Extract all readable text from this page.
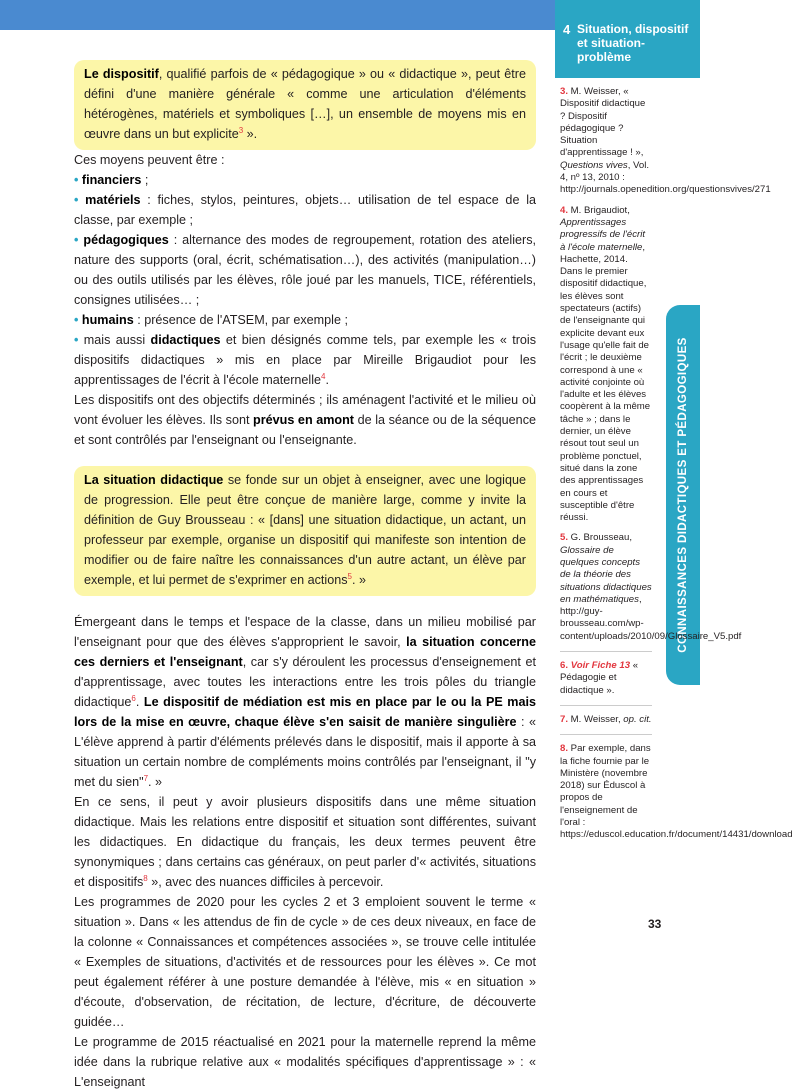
4 Situation, dispositif et situation-problème
CONNAISSANCES DIDACTIQUES ET PÉDAGOGIQUES

Le dispositif, qualifié parfois de « pédagogique » ou « didactique », peut être défini d'une manière générale « comme une articulation d'éléments hétérogènes, matériels et symboliques […], un ensemble de moyens mis en œuvre dans un but explicite$^3$ ».

Ces moyens peuvent être :

• financiers ;

• matériels : fiches, stylos, peintures, objets… utilisation de tel espace de la classe, par exemple ;

• pédagogiques : alternance des modes de regroupement, rotation des ateliers, nature des supports (oral, écrit, schématisation…), des activités (manipulation…) ou des outils utilisés par les élèves, rôle joué par les manuels, TICE, référentiels, consignes utilisées… ;

• humains : présence de l'ATSEM, par exemple ;

• mais aussi didactiques et bien désignés comme tels, par exemple les « trois dispositifs didactiques » mis en place par Mireille Brigaudiot pour les apprentissages de l'écrit à l'école maternelle$^4$.

Les dispositifs ont des objectifs déterminés ; ils aménagent l'activité et le milieu où vont évoluer les élèves. Ils sont prévus en amont de la séance ou de la séquence et sont contrôlés par l'enseignant ou l'enseignante.

La situation didactique se fonde sur un objet à enseigner, avec une logique de progression. Elle peut être conçue de manière large, comme y invite la définition de Guy Brousseau : « [dans] une situation didactique, un actant, un professeur par exemple, organise un dispositif qui manifeste son intention de modifier ou de faire naître les connaissances d'un autre actant, un élève par exemple, et lui permet de s'exprimer en actions$^5$. »

Émergeant dans le temps et l'espace de la classe, dans un milieu mobilisé par l'enseignant pour que des élèves s'approprient le savoir, la situation concerne ces derniers et l'enseignant, car s'y déroulent les processus d'enseignement et d'apprentissage, avec toutes les interactions entre les trois pôles du triangle didactique$^6$. Le dispositif de médiation est mis en place par le ou la PE mais lors de la mise en œuvre, chaque élève s'en saisit de manière singulière : « L'élève apprend à partir d'éléments prélevés dans le dispositif, mais il apporte à sa situation un certain nombre de compléments moins contrôlés par l'enseignant, il "y met du sien"$^7$. »

En ce sens, il peut y avoir plusieurs dispositifs dans une même situation didactique. Mais les relations entre dispositif et situation sont différentes, suivant les didactiques. En didactique du français, les deux termes peuvent être synonymiques ; dans certains cas généraux, on peut parler d'« activités, situations et dispositifs$^8$ », avec des nuances difficiles à percevoir.

Les programmes de 2020 pour les cycles 2 et 3 emploient souvent le terme « situation ». Dans « les attendus de fin de cycle » de ces deux niveaux, en face de la colonne « Connaissances et compétences associées », se trouve celle intitulée « Exemples de situations, d'activités et de ressources pour les élèves ». Ce mot peut également référer à une posture demandée à l'élève, mis « en situation » d'écoute, d'observation, de récitation, de lecture, d'écriture, de découverte guidée…

Le programme de 2015 réactualisé en 2021 pour la maternelle reprend la même idée dans la rubrique relative aux « modalités spécifiques d'apprentissage » : « L'enseignant

3. M. Weisser, « Dispositif didactique ? Dispositif pédagogique ? Situation d'apprentissage ! », Questions vives, Vol. 4, nº 13, 2010 : http://journals.openedition.org/questionsvives/271
4. M. Brigaudiot, Apprentissages progressifs de l'écrit à l'école maternelle, Hachette, 2014. Dans le premier dispositif didactique, les élèves sont spectateurs (actifs) de l'enseignante qui explicite devant eux l'usage qu'elle fait de l'écrit ; le deuxième correspond à une « activité conjointe où l'adulte et les élèves coopèrent à la même tâche » ; dans le dernier, un élève résout tout seul un problème ponctuel, situé dans la zone des apprentissages en cours et susceptible d'être réussi.
5. G. Brousseau, Glossaire de quelques concepts de la théorie des situations didactiques en mathématiques, http://guy-brousseau.com/wp-content/uploads/2010/09/Glossaire_V5.pdf
6. Voir Fiche 13 « Pédagogie et didactique ».
7. M. Weisser, op. cit.
8. Par exemple, dans la fiche fournie par le Ministère (novembre 2018) sur Éduscol à propos de l'enseignement de l'oral : https://eduscol.education.fr/document/14431/download
33
